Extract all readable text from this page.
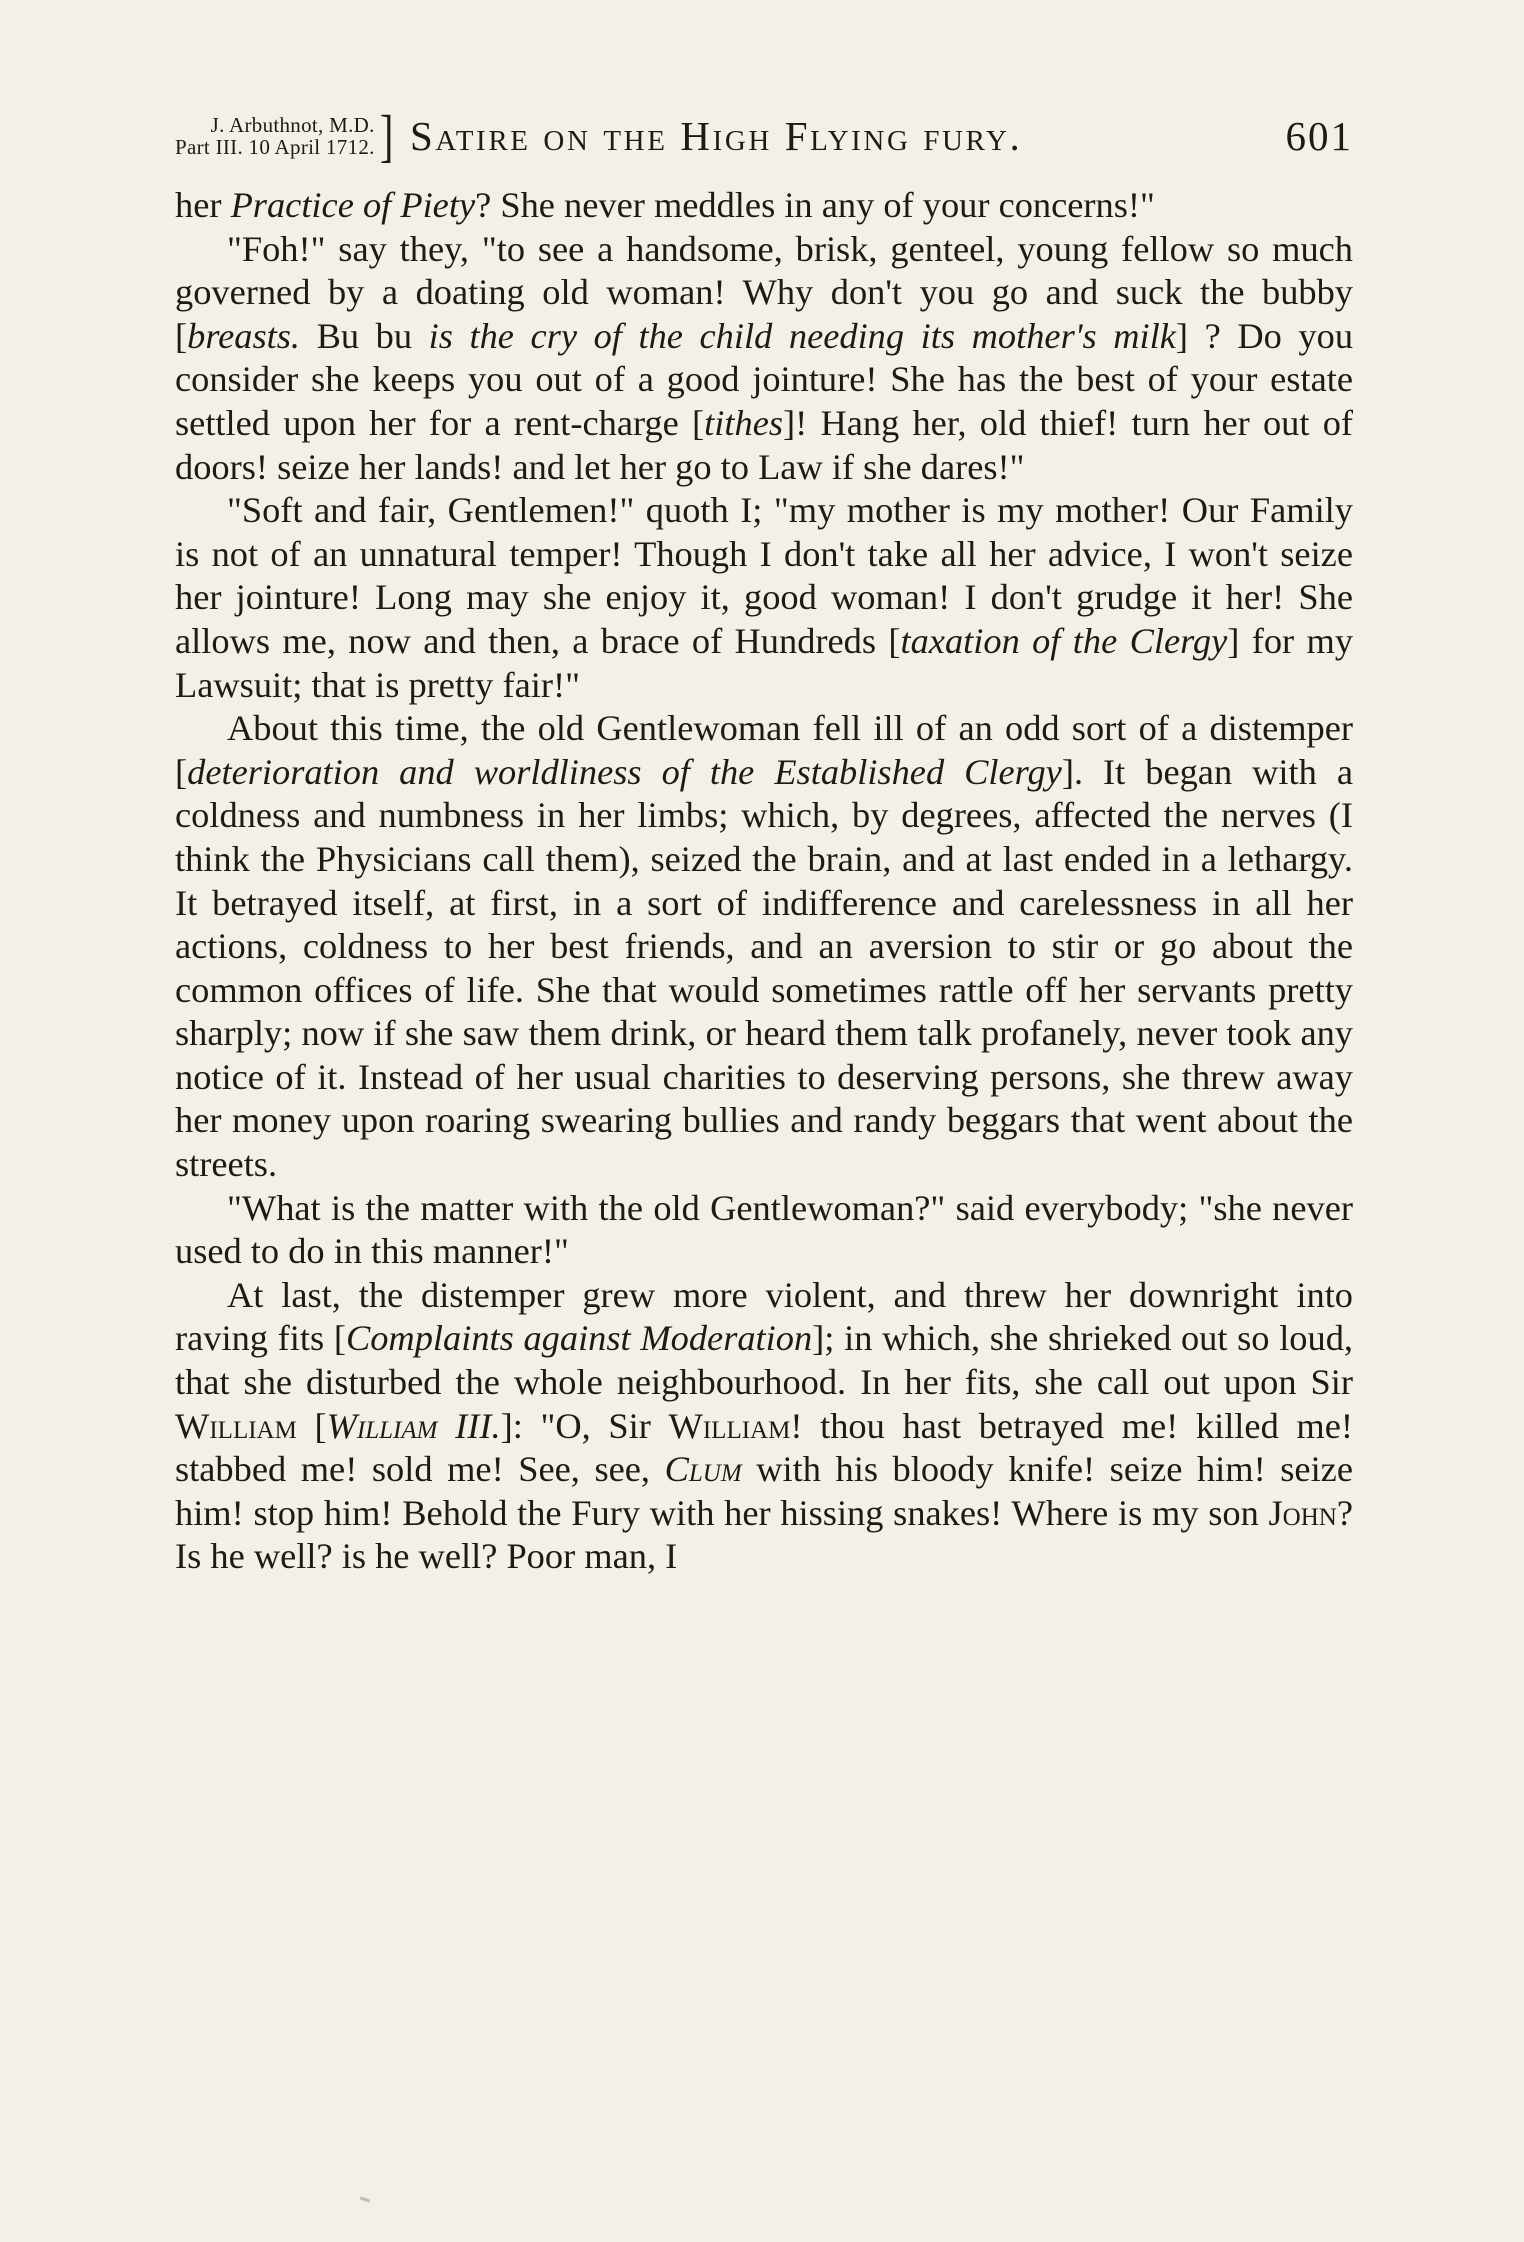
J. Arbuthnot, M.D.
Part III. 10 April 1712. ] Satire on the High Flying fury.	601

her Practice of Piety? She never meddles in any of your concerns!"

"Foh!" say they, "to see a handsome, brisk, genteel, young fellow so much governed by a doating old woman! Why don't you go and suck the bubby [breasts. Bu bu is the cry of the child needing its mother's milk] ? Do you consider she keeps you out of a good jointure! She has the best of your estate settled upon her for a rent-charge [tithes]! Hang her, old thief! turn her out of doors! seize her lands! and let her go to Law if she dares!"

"Soft and fair, Gentlemen!" quoth I; "my mother is my mother! Our Family is not of an unnatural temper! Though I don't take all her advice, I won't seize her jointure! Long may she enjoy it, good woman! I don't grudge it her! She allows me, now and then, a brace of Hundreds [taxation of the Clergy] for my Lawsuit; that is pretty fair!"

About this time, the old Gentlewoman fell ill of an odd sort of a distemper [deterioration and worldliness of the Established Clergy]. It began with a coldness and numbness in her limbs; which, by degrees, affected the nerves (I think the Physicians call them), seized the brain, and at last ended in a lethargy. It betrayed itself, at first, in a sort of indifference and carelessness in all her actions, coldness to her best friends, and an aversion to stir or go about the common offices of life. She that would sometimes rattle off her servants pretty sharply; now if she saw them drink, or heard them talk profanely, never took any notice of it. Instead of her usual charities to deserving persons, she threw away her money upon roaring swearing bullies and randy beggars that went about the streets.

"What is the matter with the old Gentlewoman?" said everybody; "she never used to do in this manner!"

At last, the distemper grew more violent, and threw her downright into raving fits [Complaints against Moderation]; in which, she shrieked out so loud, that she disturbed the whole neighbourhood. In her fits, she call out upon Sir William [William III.]: "O, Sir William! thou hast betrayed me! killed me! stabbed me! sold me! See, see, Clum with his bloody knife! seize him! seize him! stop him! Behold the Fury with her hissing snakes! Where is my son John? Is he well? is he well? Poor man, I
